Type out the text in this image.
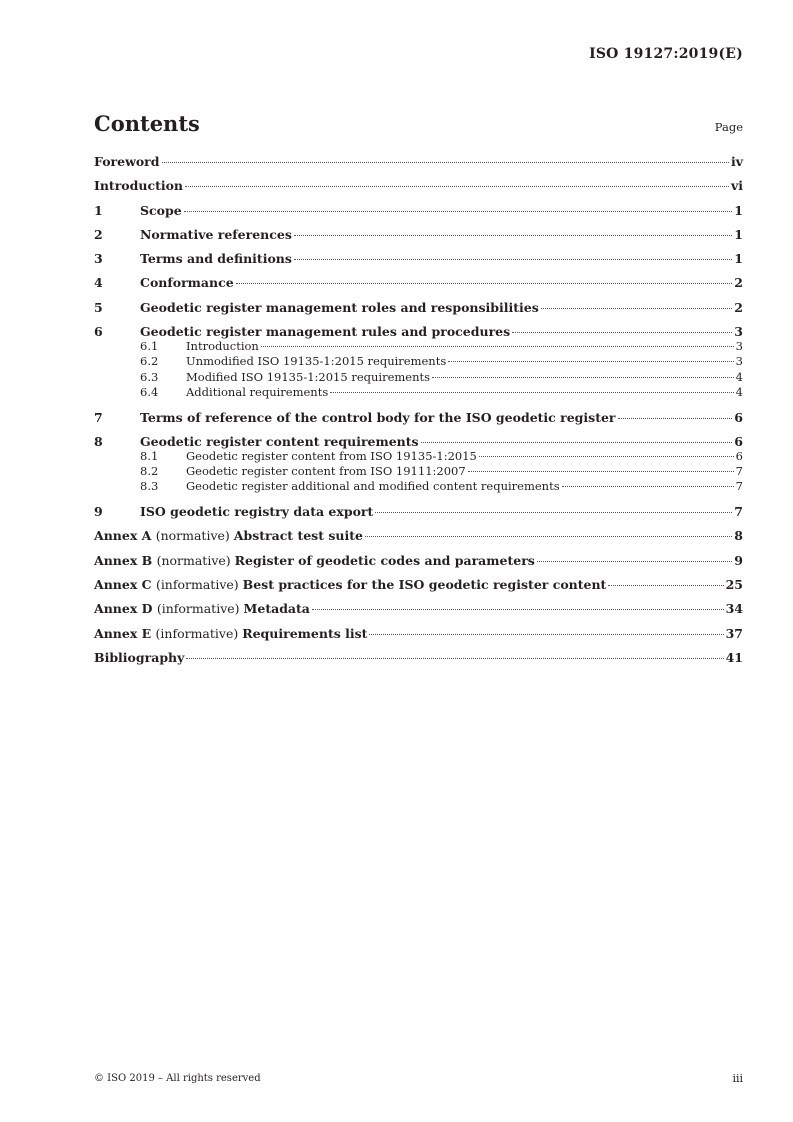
ISO 19127:2019(E)
Contents	Page
Foreword	iv
Introduction	vi
1	Scope	1
2	Normative references	1
3	Terms and definitions	1
4	Conformance	2
5	Geodetic register management roles and responsibilities	2
6	Geodetic register management rules and procedures	3
6.1	Introduction	3
6.2	Unmodified ISO 19135-1:2015 requirements	3
6.3	Modified ISO 19135-1:2015 requirements	4
6.4	Additional requirements	4
7	Terms of reference of the control body for the ISO geodetic register	6
8	Geodetic register content requirements	6
8.1	Geodetic register content from ISO 19135-1:2015	6
8.2	Geodetic register content from ISO 19111:2007	7
8.3	Geodetic register additional and modified content requirements	7
9	ISO geodetic registry data export	7
Annex A (normative) Abstract test suite	8
Annex B (normative) Register of geodetic codes and parameters	9
Annex C (informative) Best practices for the ISO geodetic register content	25
Annex D (informative) Metadata	34
Annex E (informative) Requirements list	37
Bibliography	41
© ISO 2019 – All rights reserved	iii
